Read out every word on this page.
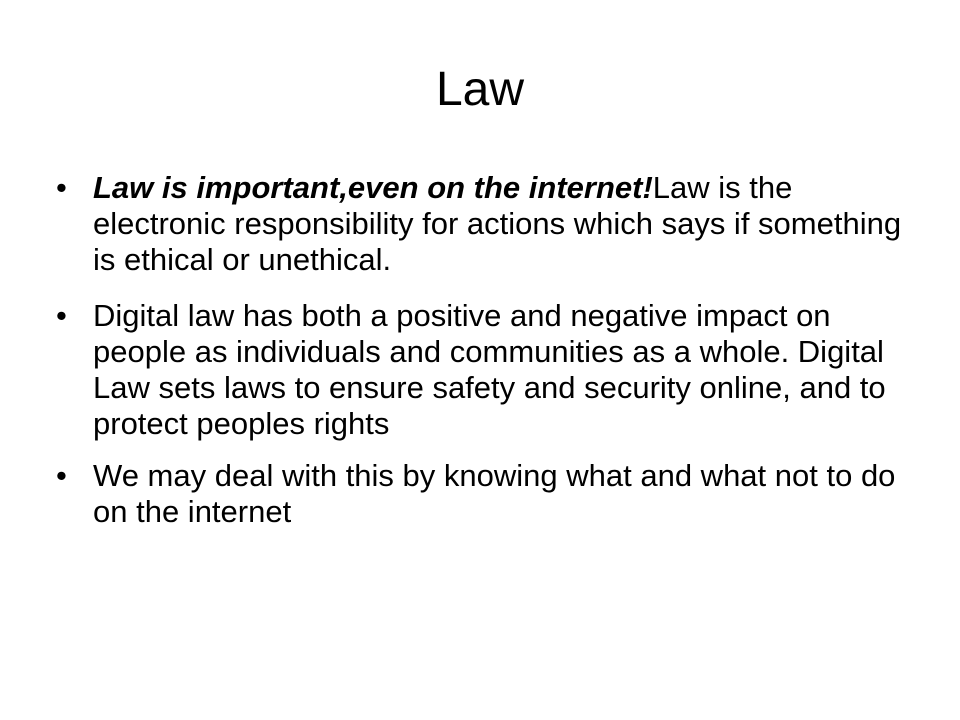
Law
• Law is important,even on the internet!Law is the electronic responsibility for actions which says if something is ethical or unethical.
• Digital law has both a positive and negative impact on people as individuals and communities as a whole. Digital Law sets laws to ensure safety and security online, and to protect peoples rights
• We may deal with this by knowing what and what not to do on the internet
